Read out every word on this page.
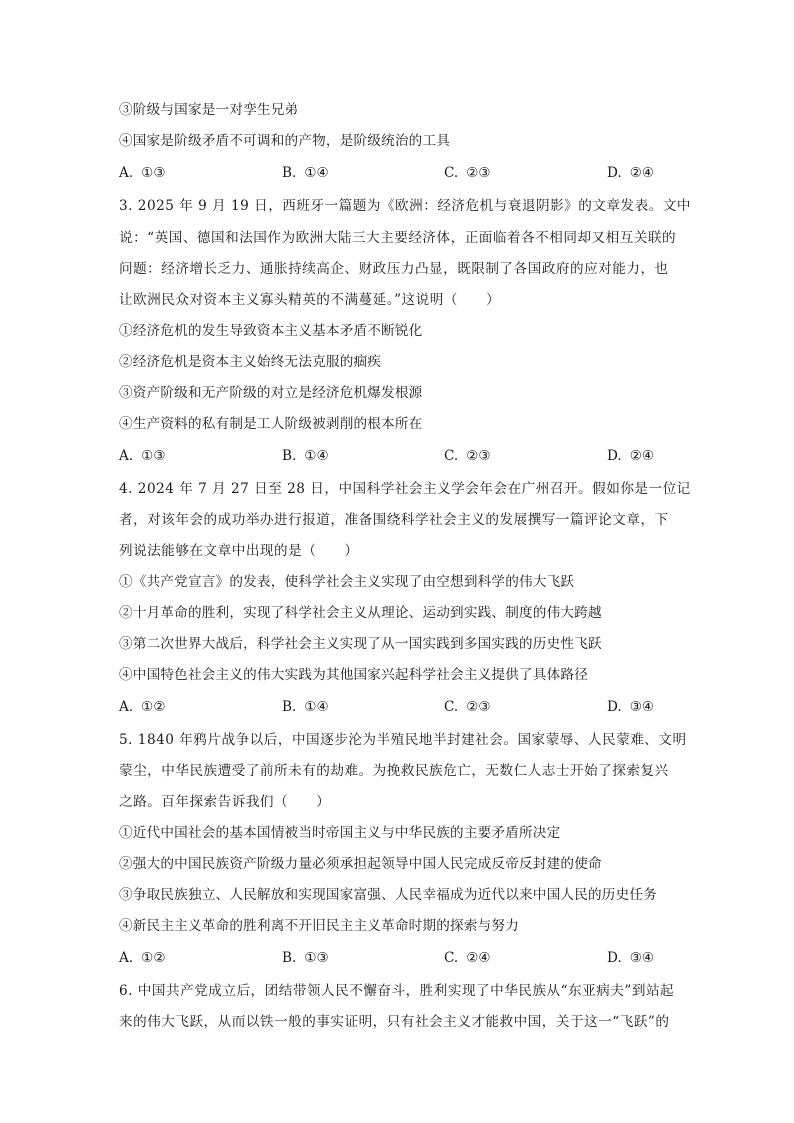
③阶级与国家是一对孪生兄弟
④国家是阶级矛盾不可调和的产物，是阶级统治的工具
A. ①③	B. ①④	C. ②③	D. ②④
3. 2025 年 9 月 19 日，西班牙一篇题为《欧洲：经济危机与衰退阴影》的文章发表。文中
说：“英国、德国和法国作为欧洲大陆三大主要经济体，正面临着各不相同却又相互关联的
问题：经济增长乏力、通胀持续高企、财政压力凸显，既限制了各国政府的应对能力，也
让欧洲民众对资本主义寡头精英的不满蔓延。”这说明（　　）
①经济危机的发生导致资本主义基本矛盾不断锐化
②经济危机是资本主义始终无法克服的痼疾
③资产阶级和无产阶级的对立是经济危机爆发根源
④生产资料的私有制是工人阶级被剥削的根本所在
A. ①③	B. ①④	C. ②③	D. ②④
4. 2024 年 7 月 27 日至 28 日，中国科学社会主义学会年会在广州召开。假如你是一位记
者，对该年会的成功举办进行报道，准备围绕科学社会主义的发展撰写一篇评论文章，下
列说法能够在文章中出现的是（　　）
①《共产党宣言》的发表，使科学社会主义实现了由空想到科学的伟大飞跃
②十月革命的胜利，实现了科学社会主义从理论、运动到实践、制度的伟大跨越
③第二次世界大战后，科学社会主义实现了从一国实践到多国实践的历史性飞跃
④中国特色社会主义的伟大实践为其他国家兴起科学社会主义提供了具体路径
A. ①②	B. ①④	C. ②③	D. ③④
5. 1840 年鸦片战争以后，中国逐步沦为半殖民地半封建社会。国家蒙辱、人民蒙难、文明
蒙尘，中华民族遭受了前所未有的劫难。为挽救民族危亡，无数仁人志士开始了探索复兴
之路。百年探索告诉我们（　　）
①近代中国社会的基本国情被当时帝国主义与中华民族的主要矛盾所决定
②强大的中国民族资产阶级力量必须承担起领导中国人民完成反帝反封建的使命
③争取民族独立、人民解放和实现国家富强、人民幸福成为近代以来中国人民的历史任务
④新民主主义革命的胜利离不开旧民主主义革命时期的探索与努力
A. ①②	B. ①③	C. ②④	D. ③④
6. 中国共产党成立后，团结带领人民不懈奋斗，胜利实现了中华民族从“东亚病夫”到站起
来的伟大飞跃，从而以铁一般的事实证明，只有社会主义才能救中国，关于这一“飞跃”的
